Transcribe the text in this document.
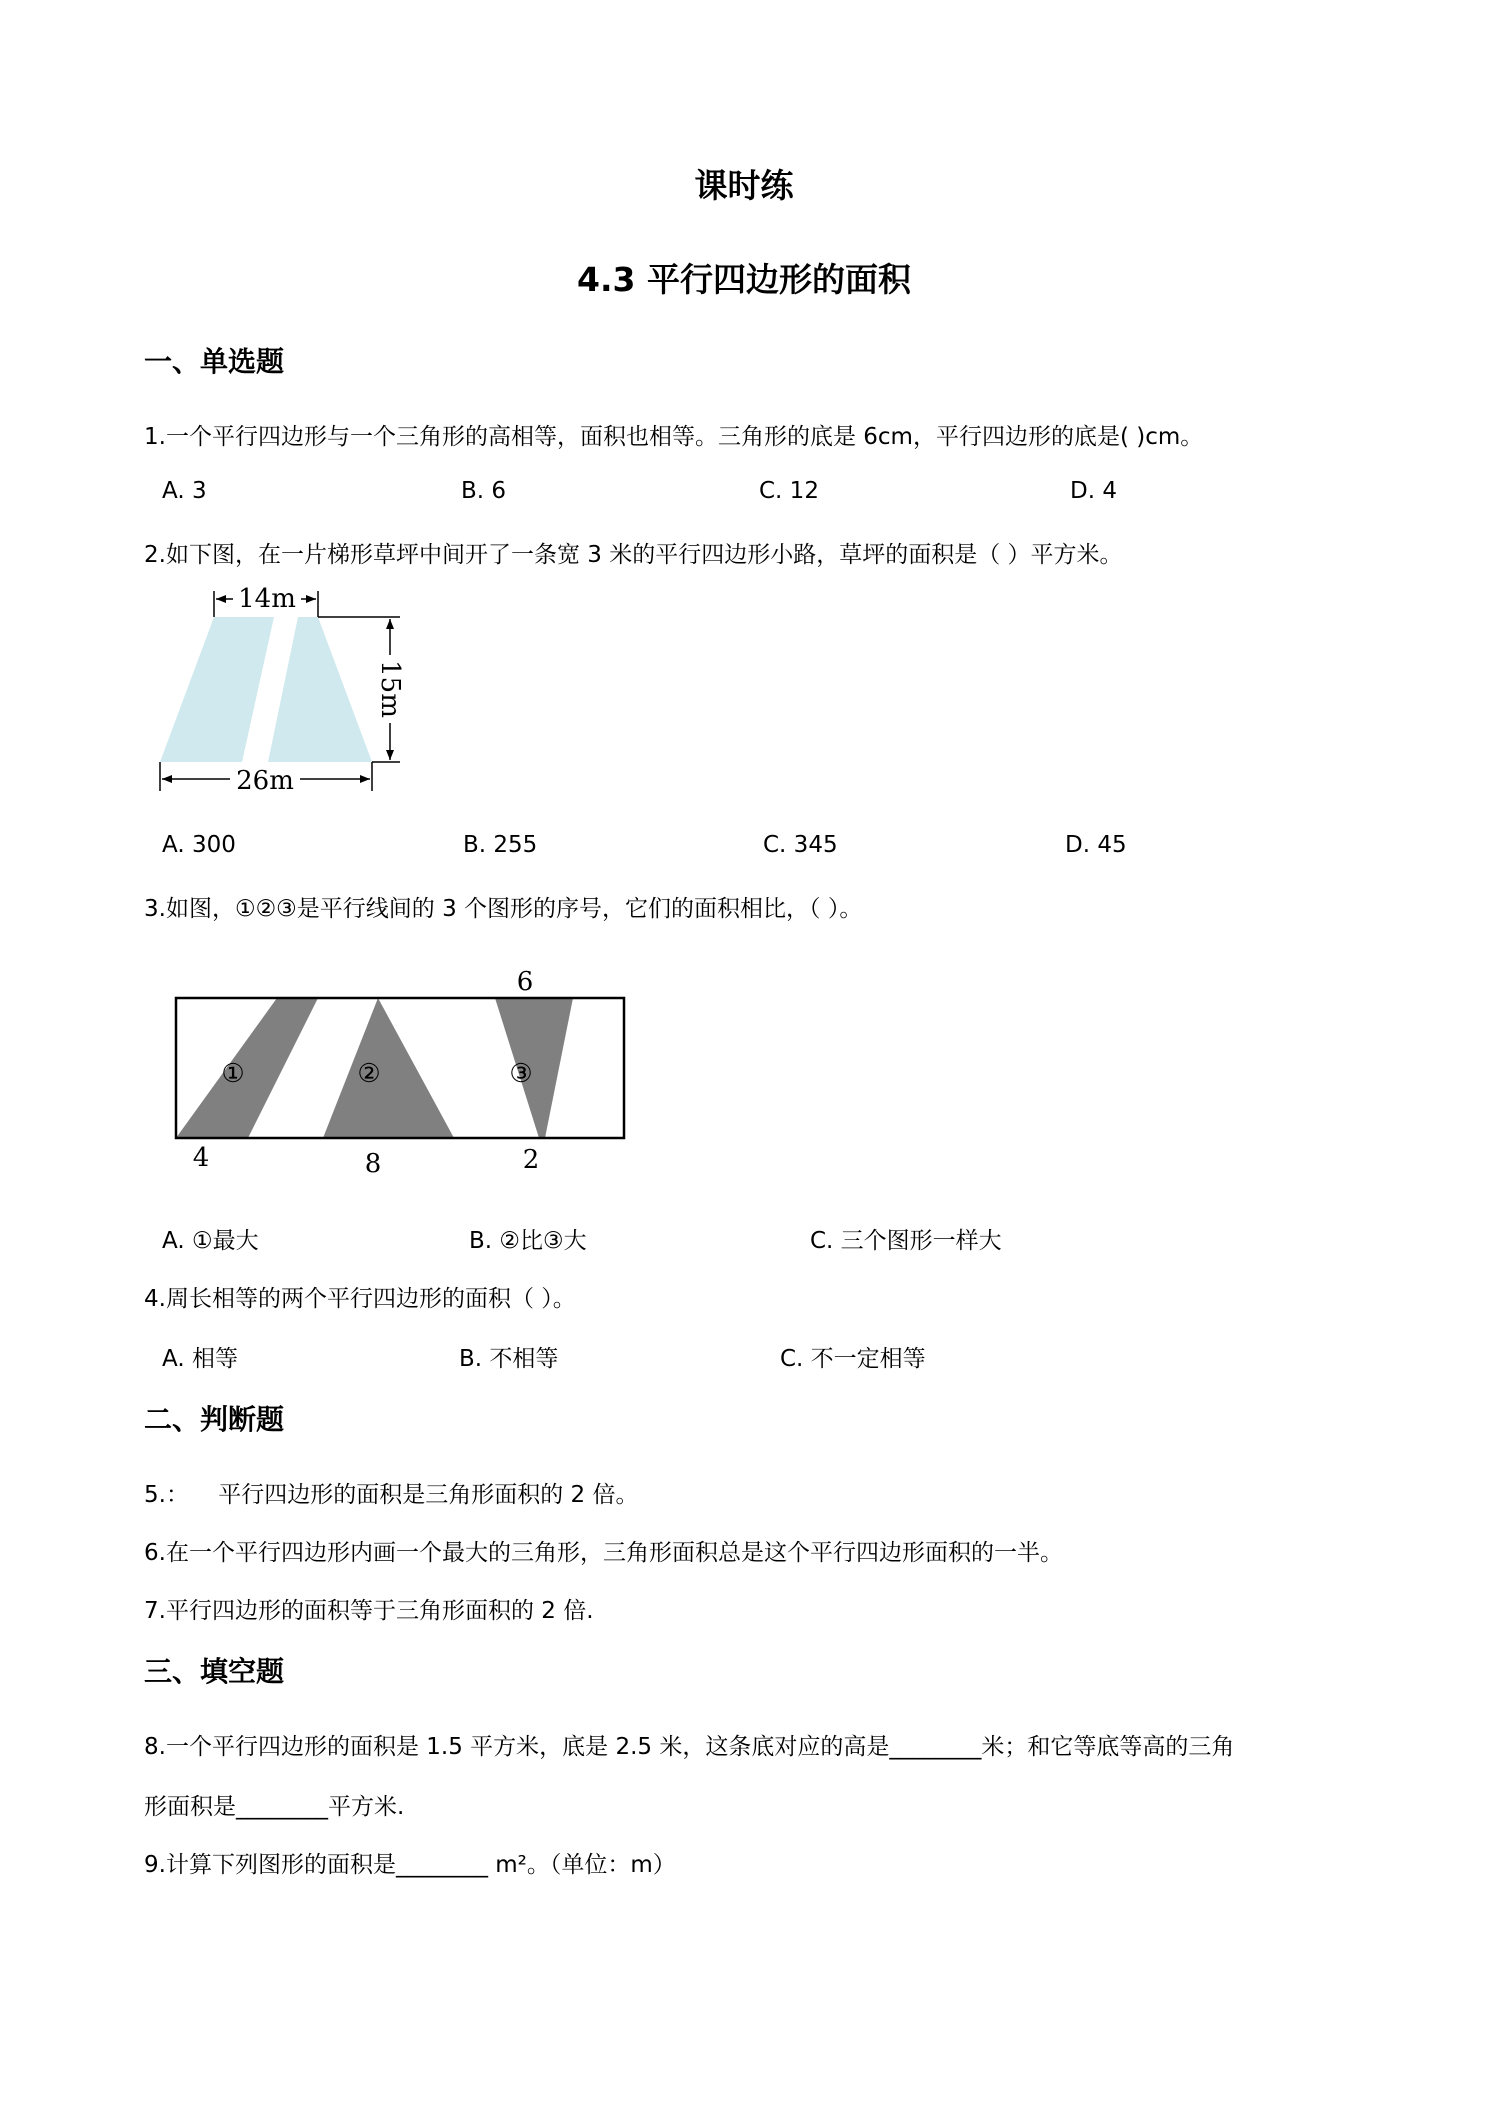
课时练
4.3 平行四边形的面积
一、单选题
1.一个平行四边形与一个三角形的高相等，面积也相等。三角形的底是 6cm，平行四边形的底是( )cm。
A. 3	B. 6	C. 12	D. 4
2.如下图，在一片梯形草坪中间开了一条宽 3 米的平行四边形小路，草坪的面积是（ ）平方米。
14m
15m
26m
A. 300	B. 255	C. 345	D. 45
3.如图，①②③是平行线间的 3 个图形的序号，它们的面积相比，（ ）。
①	②	③
6
4	8	2
A. ①最大	B. ②比③大	C. 三个图形一样大
4.周长相等的两个平行四边形的面积（ ）。
A. 相等	B. 不相等	C. 不一定相等
二、判断题
5.：    平行四边形的面积是三角形面积的 2 倍。
6.在一个平行四边形内画一个最大的三角形，三角形面积总是这个平行四边形面积的一半。
7.平行四边形的面积等于三角形面积的 2 倍.
三、填空题
8.一个平行四边形的面积是 1.5 平方米，底是 2.5 米，这条底对应的高是________米；和它等底等高的三角
形面积是________平方米.
9.计算下列图形的面积是________ m²。（单位：m）
